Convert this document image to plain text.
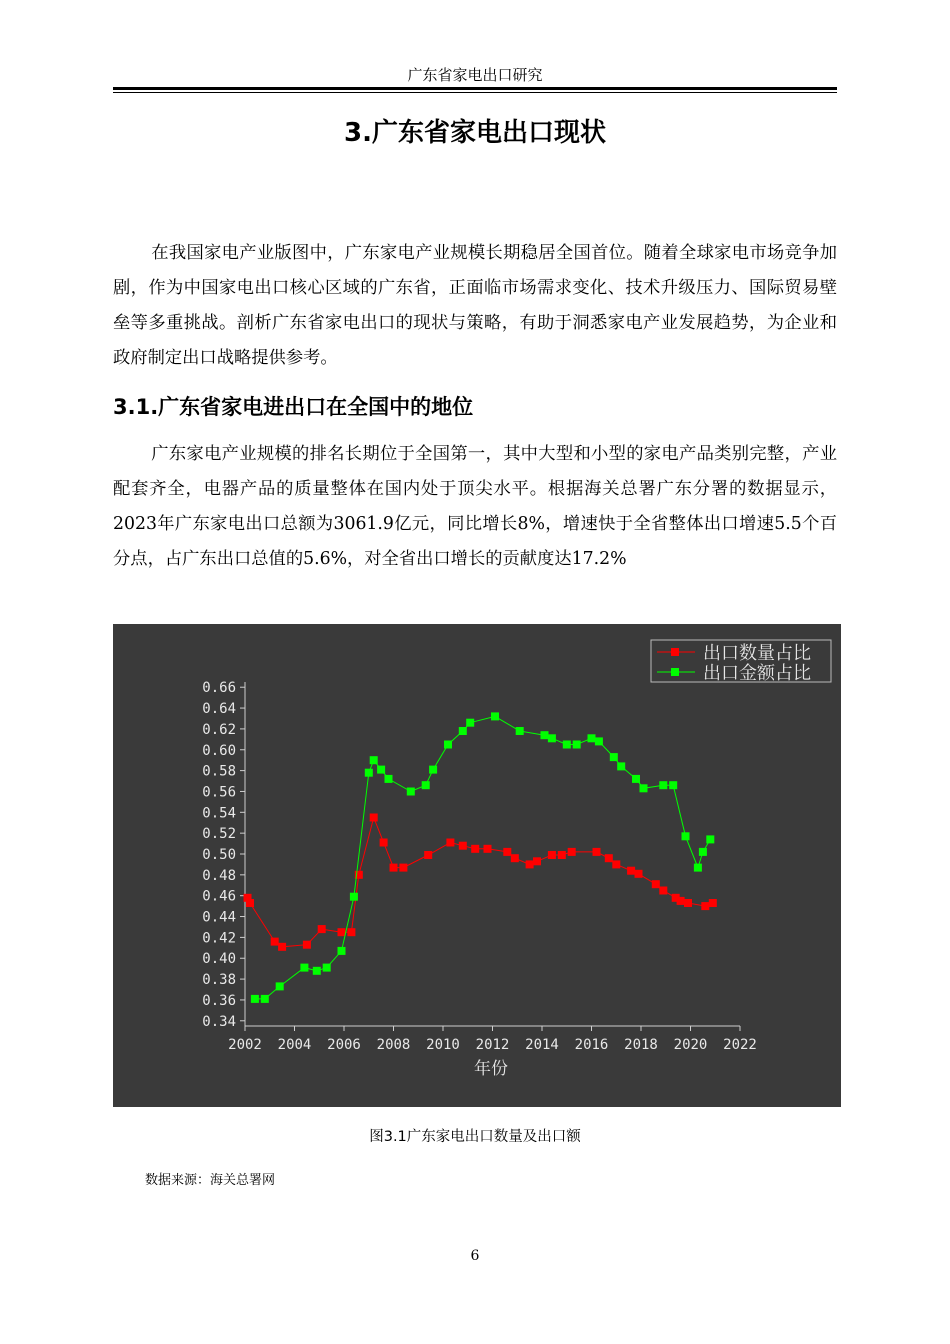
广东省家电出口研究
3.广东省家电出口现状
在我国家电产业版图中，广东家电产业规模长期稳居全国首位。随着全球家电市场竞争加剧，作为中国家电出口核心区域的广东省，正面临市场需求变化、技术升级压力、国际贸易壁垒等多重挑战。剖析广东省家电出口的现状与策略，有助于洞悉家电产业发展趋势，为企业和政府制定出口战略提供参考。
3.1.广东省家电进出口在全国中的地位
广东家电产业规模的排名长期位于全国第一，其中大型和小型的家电产品类别完整，产业配套齐全，电器产品的质量整体在国内处于顶尖水平。根据海关总署广东分署的数据显示，2023年广东家电出口总额为3061.9亿元，同比增长8%，增速快于全省整体出口增速5.5个百分点，占广东出口总值的5.6%，对全省出口增长的贡献度达17.2%
0.34
0.36
0.38
0.40
0.42
0.44
0.46
0.48
0.50
0.52
0.54
0.56
0.58
0.60
0.62
0.64
0.66
2002 2004 2006 2008 2010 2012 2014 2016 2018 2020 2022
出口数量占比
出口金额占比
年份
图3.1广东家电出口数量及出口额
数据来源：海关总署网
6
